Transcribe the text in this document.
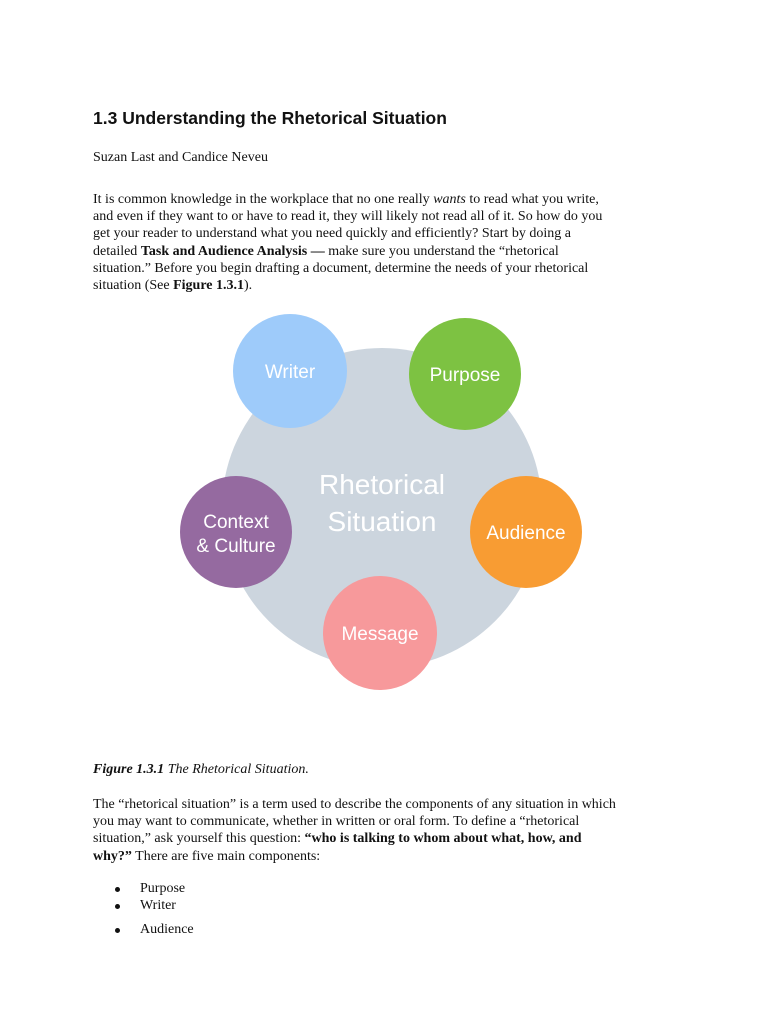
1.3 Understanding the Rhetorical Situation
Suzan Last and Candice Neveu

It is common knowledge in the workplace that no one really wants to read what you write,
and even if they want to or have to read it, they will likely not read all of it. So how do you
get your reader to understand what you need quickly and efficiently? Start by doing a
detailed Task and Audience Analysis — make sure you understand the “rhetorical
situation.” Before you begin drafting a document, determine the needs of your rhetorical
situation (See Figure 1.3.1).

Rhetorical
Situation
Writer	Purpose
Audience
Message
Context
& Culture
Figure 1.3.1 The Rhetorical Situation.

The “rhetorical situation” is a term used to describe the components of any situation in which
you may want to communicate, whether in written or oral form. To define a “rhetorical
situation,” ask yourself this question: “who is talking to whom about what, how, and
why?” There are five main components:

Purpose
Writer
Audience
